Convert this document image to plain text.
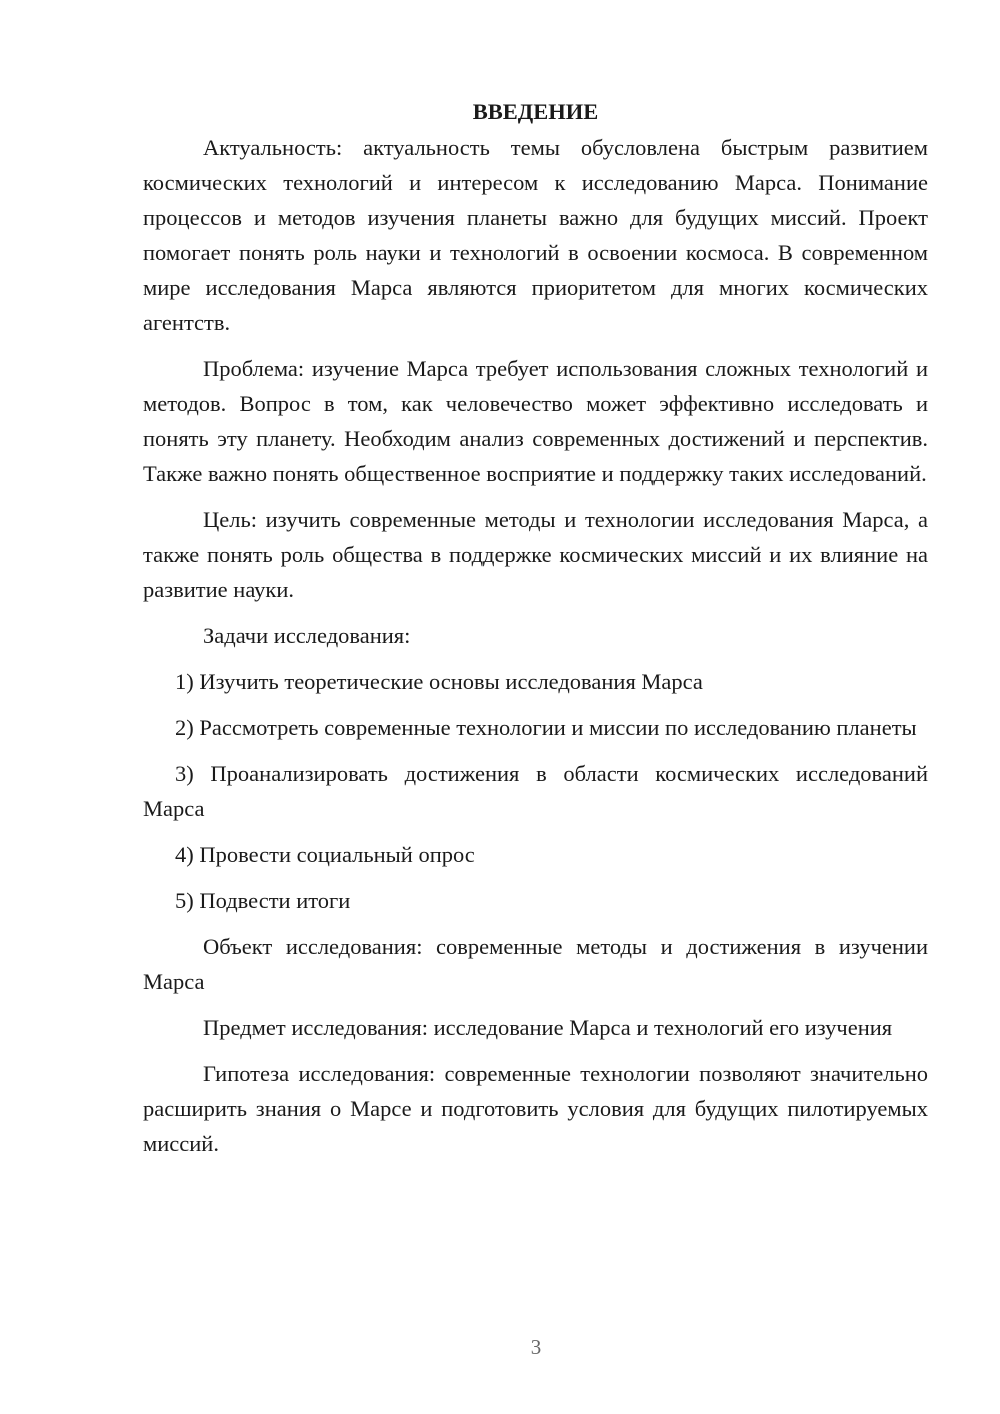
ВВЕДЕНИЕ

Актуальность: актуальность темы обусловлена быстрым развитием космических технологий и интересом к исследованию Марса. Понимание процессов и методов изучения планеты важно для будущих миссий. Проект помогает понять роль науки и технологий в освоении космоса. В современном мире исследования Марса являются приоритетом для многих космических агентств.

Проблема: изучение Марса требует использования сложных технологий и методов. Вопрос в том, как человечество может эффективно исследовать и понять эту планету. Необходим анализ современных достижений и перспектив. Также важно понять общественное восприятие и поддержку таких исследований.

Цель: изучить современные методы и технологии исследования Марса, а также понять роль общества в поддержке космических миссий и их влияние на развитие науки.

Задачи исследования:

1) Изучить теоретические основы исследования Марса

2) Рассмотреть современные технологии и миссии по исследованию планеты

3) Проанализировать достижения в области космических исследований Марса

4) Провести социальный опрос

5) Подвести итоги

Объект исследования: современные методы и достижения в изучении Марса

Предмет исследования: исследование Марса и технологий его изучения

Гипотеза исследования: современные технологии позволяют значительно расширить знания о Марсе и подготовить условия для будущих пилотируемых миссий.

3
